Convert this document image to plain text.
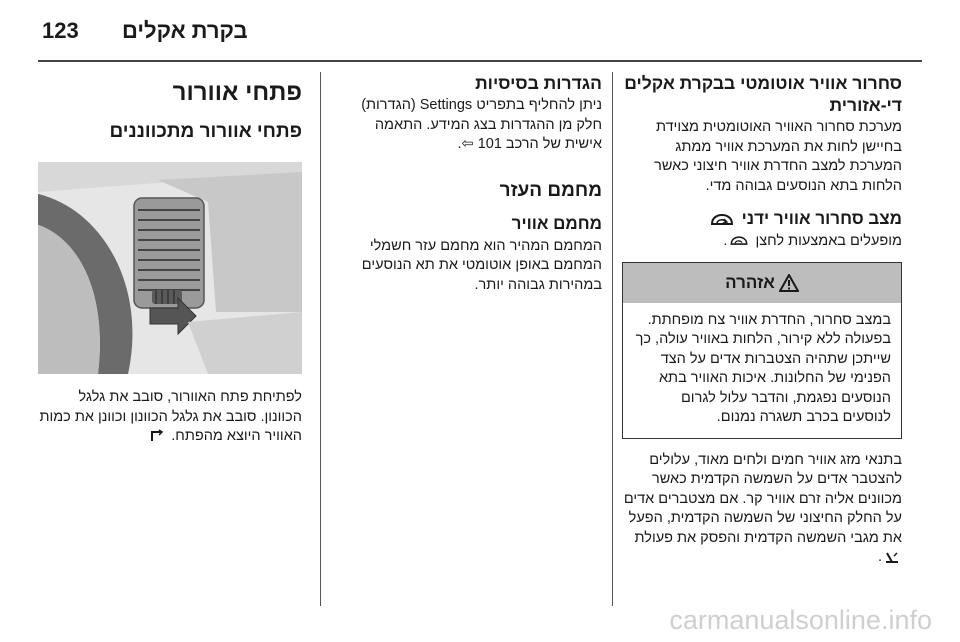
123 בקרת אקלים
סחרור אוויר אוטומטי בבקרת אקלים די-אזורית

מערכת סחרור האוויר האוטומטית מצוידת בחיישן לחות את המערכת אוויר ממתג המערכת למצב החדרת אוויר חיצוני כאשר הלחות בתא הנוסעים גבוהה מדי.

מצב סחרור אוויר ידני

מופעלים באמצעות לחצן .

אזהרה

במצב סחרור, החדרת אוויר צח מופחתת. בפעולה ללא קירור, הלחות באוויר עולה, כך שייתכן שתהיה הצטברות אדים על הצד הפנימי של החלונות. איכות האוויר בתא הנוסעים נפגמת, והדבר עלול לגרום לנוסעים בכרב תשגרה נמנום.

בתנאי מזג אוויר חמים ולחים מאוד, עלולים להצטבר אדים על השמשה הקדמית כאשר מכוונים אליה זרם אוויר קר. אם מצטברים אדים על החלק החיצוני של השמשה הקדמית, הפעל את מגבי השמשה הקדמית והפסק את פעולת .

הגדרות בסיסיות

ניתן להחליף בתפריט Settings (הגדרות) חלק מן ההגדרות בצג המידע. התאמה אישית של הרכב 101 ⇦.

מחמם העזר
מחמם אוויר

המחמם המהיר הוא מחמם עזר חשמלי המחמם באופן אוטומטי את תא הנוסעים במהירות גבוהה יותר.

פתחי אוורור
פתחי אוורור מתכווננים

לפתיחת פתח האוורור, סובב את גלגל הכוונון. סובב את גלגל הכוונון וכוונן את כמות האוויר היוצא מהפתח.

carmanualsonline.info
